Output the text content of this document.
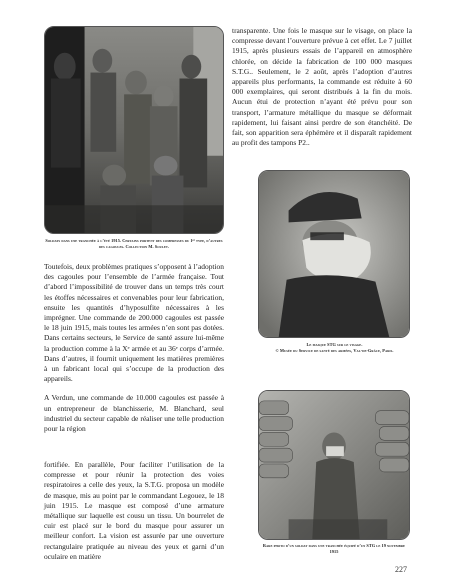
Soldats dans une tranchée à l’été 1915. Certains portent des compresses du 1ᵉʳ type, d’autres des cagoules. Collection M. Soulet.

transparente. Une fois le masque sur le visage, on place la compresse devant l’ouverture prévue à cet effet. Le 7 juillet 1915, après plusieurs essais de l’appareil en atmosphère chlorée, on décide la fabrication de 100 000 masques S.T.G.. Seulement, le 2 août, après l’adoption d’autres appareils plus performants, la commande est réduite à 60 000 exemplaires, qui seront distribués à la fin du mois. Aucun étui de protection n’ayant été prévu pour son transport, l’armature métallique du masque se déformait rapidement, lui faisant ainsi perdre de son étanchéité. De fait, son apparition sera éphémère et il disparaît rapidement au profit des tampons P2..

Le masque STG sur le visage.
© Musée du Service de santé des armées, Val-de-Grâce, Paris.

Toutefois, deux problèmes pratiques s’opposent à l’adoption des cagoules pour l’ensemble de l’armée française. Tout d’abord l’impossibilité de trouver dans un temps très court les étoffes nécessaires et convenables pour leur fabrication, ensuite les quantités d’hyposulfite nécessaires à les imprégner. Une commande de 200.000 cagoules est passée le 18 juin 1915, mais toutes les armées n’en sont pas dotées. Dans certains secteurs, le Service de santé assure lui-même la production comme à la Xᵉ armée et au 36ᵉ corps d’armée. Dans d’autres, il fournit uniquement les matières premières à un fabricant local qui s’occupe de la production des appareils.

A Verdun, une commande de 10.000 cagoules est passée à un entrepreneur de blanchisserie, M. Blanchard, seul industriel du secteur capable de réaliser une telle production pour la région

fortifiée. En parallèle, Pour faciliter l’utilisation de la compresse et pour réunir la protection des voies respiratoires a celle des yeux, la S.T.G. proposa un modèle de masque, mis au point par le commandant Legouez, le 18 juin 1915. Le masque est composé d’une armature métallique sur laquelle est cousu un tissu. Un bourrelet de cuir est placé sur le bord du masque pour assurer un meilleur confort. La vision est assurée par une ouverture rectangulaire pratiquée au niveau des yeux et garni d’un oculaire en matière

Rare photo d’un soldat dans une tranchée équipé d’un STG le 19 novembre 1915
227
